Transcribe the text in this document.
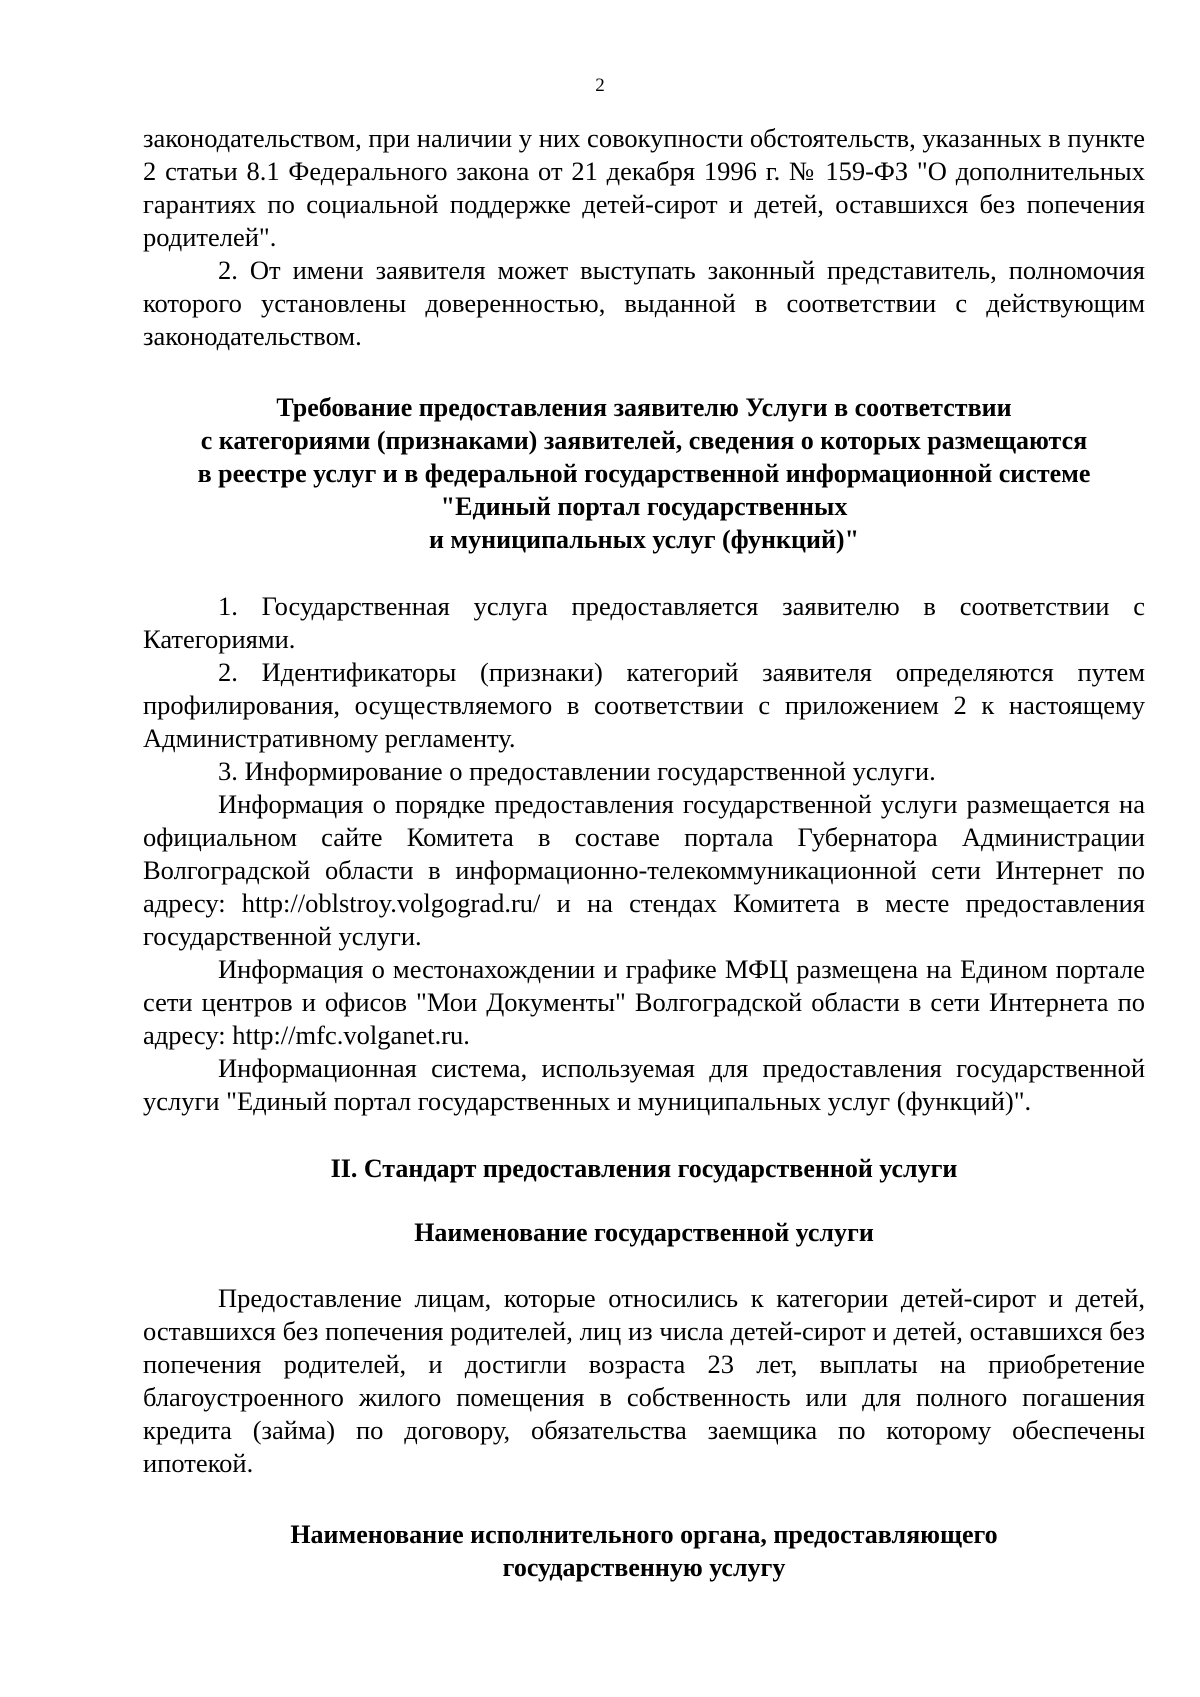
2

законодательством, при наличии у них совокупности обстоятельств, указанных в пункте 2 статьи 8.1 Федерального закона от 21 декабря 1996 г. № 159-ФЗ "О дополнительных гарантиях по социальной поддержке детей-сирот и детей, оставшихся без попечения родителей".

2. От имени заявителя может выступать законный представитель, полномочия которого установлены доверенностью, выданной в соответствии с действующим законодательством.

Требование предоставления заявителю Услуги в соответствии
с категориями (признаками) заявителей, сведения о которых размещаются
в реестре услуг и в федеральной государственной информационной системе
"Единый портал государственных
и муниципальных услуг (функций)"

1. Государственная услуга предоставляется заявителю в соответствии с Категориями.

2. Идентификаторы (признаки) категорий заявителя определяются путем профилирования, осуществляемого в соответствии с приложением 2 к настоящему Административному регламенту.

3. Информирование о предоставлении государственной услуги.

Информация о порядке предоставления государственной услуги размещается на официальном сайте Комитета в составе портала Губернатора Администрации Волгоградской области в информационно-телекоммуникационной сети Интернет по адресу: http://oblstroy.volgograd.ru/ и на стендах Комитета в месте предоставления государственной услуги.

Информация о местонахождении и графике МФЦ размещена на Едином портале сети центров и офисов "Мои Документы" Волгоградской области в сети Интернета по адресу: http://mfc.volganet.ru.

Информационная система, используемая для предоставления государственной услуги "Единый портал государственных и муниципальных услуг (функций)".

II. Стандарт предоставления государственной услуги
Наименование государственной услуги

Предоставление лицам, которые относились к категории детей-сирот и детей, оставшихся без попечения родителей, лиц из числа детей-сирот и детей, оставшихся без попечения родителей, и достигли возраста 23 лет, выплаты на приобретение благоустроенного жилого помещения в собственность или для полного погашения кредита (займа) по договору, обязательства заемщика по которому обеспечены ипотекой.

Наименование исполнительного органа, предоставляющего
государственную услугу
